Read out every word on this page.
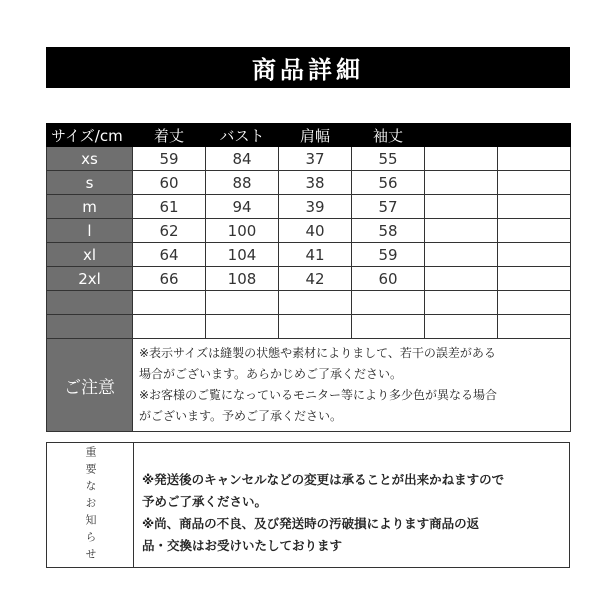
商品詳細
サイズ/cm	着丈	バスト	肩幅	袖丈		
xs	59	84	37	55		
s	60	88	38	56		
m	61	94	39	57		
l	62	100	40	58		
xl	64	104	41	59		
2xl	66	108	42	60		

ご注意	※表示サイズは縫製の状態や素材によりまして、若干の誤差がある
場合がございます。あらかじめご了承ください。
※お客様のご覧になっているモニター等により多少色が異なる場合
がございます。予めご了承ください。					
重要なお知らせ	※発送後のキャンセルなどの変更は承ることが出来かねますので
予めご了承ください。
※尚、商品の不良、及び発送時の汚破損によります商品の返
品・交換はお受けいたしております
